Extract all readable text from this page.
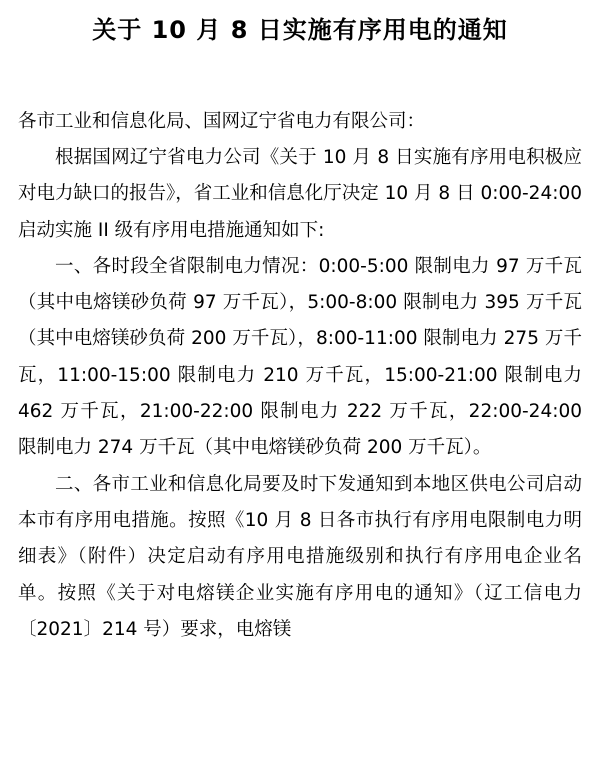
关于 10 月 8 日实施有序用电的通知
各市工业和信息化局、国网辽宁省电力有限公司：

根据国网辽宁省电力公司《关于 10 月 8 日实施有序用电积极应对电力缺口的报告》，省工业和信息化厅决定 10 月 8 日 0:00-24:00 启动实施 II 级有序用电措施通知如下:

一、各时段全省限制电力情况：0:00-5:00 限制电力 97 万千瓦（其中电熔镁砂负荷 97 万千瓦），5:00-8:00 限制电力 395 万千瓦（其中电熔镁砂负荷 200 万千瓦），8:00-11:00 限制电力 275 万千瓦，11:00-15:00 限制电力 210 万千瓦，15:00-21:00 限制电力 462 万千瓦，21:00-22:00 限制电力 222 万千瓦，22:00-24:00 限制电力 274 万千瓦（其中电熔镁砂负荷 200 万千瓦）。

二、各市工业和信息化局要及时下发通知到本地区供电公司启动本市有序用电措施。按照《10 月 8 日各市执行有序用电限制电力明细表》（附件）决定启动有序用电措施级别和执行有序用电企业名单。按照《关于对电熔镁企业实施有序用电的通知》（辽工信电力〔2021〕214 号）要求，电熔镁
